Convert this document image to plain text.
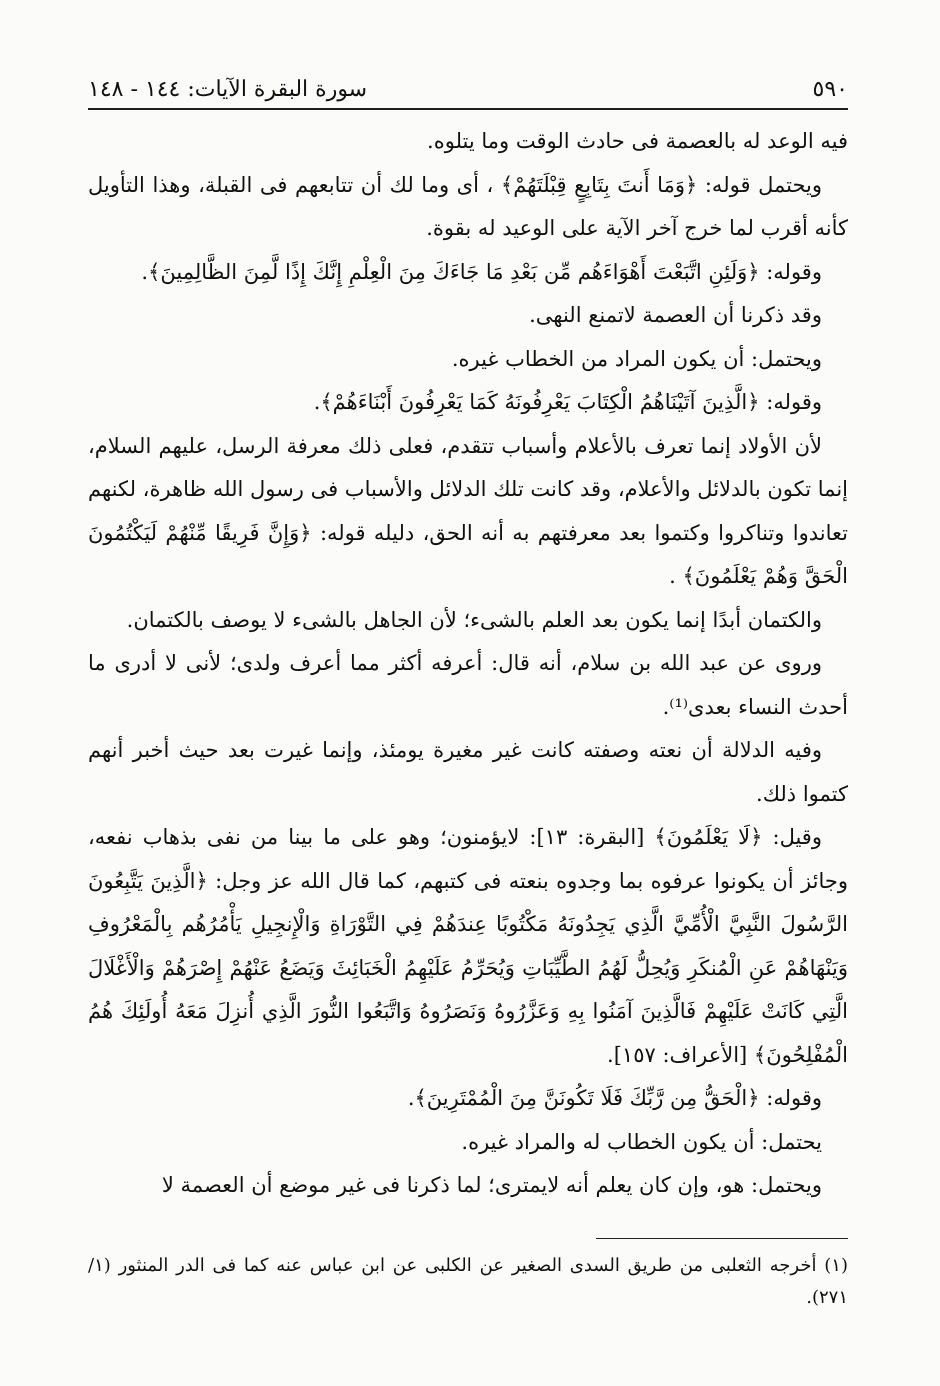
سورة البقرة الآيات: ١٤٤ - ١٤٨	٥٩٠

فيه الوعد له بالعصمة فى حادث الوقت وما يتلوه.

ويحتمل قوله: ﴿وَمَا أَنتَ بِتَابِعٍ قِبْلَتَهُمْ﴾ ، أى وما لك أن تتابعهم فى القبلة، وهذا التأويل كأنه أقرب لما خرج آخر الآية على الوعيد له بقوة.

وقوله: ﴿وَلَئِنِ اتَّبَعْتَ أَهْوَاءَهُم مِّن بَعْدِ مَا جَاءَكَ مِنَ الْعِلْمِ إِنَّكَ إِذًا لَّمِنَ الظَّالِمِينَ﴾.

وقد ذكرنا أن العصمة لاتمنع النهى.

ويحتمل: أن يكون المراد من الخطاب غيره.

وقوله: ﴿الَّذِينَ آتَيْنَاهُمُ الْكِتَابَ يَعْرِفُونَهُ كَمَا يَعْرِفُونَ أَبْنَاءَهُمْ﴾.

لأن الأولاد إنما تعرف بالأعلام وأسباب تتقدم، فعلى ذلك معرفة الرسل، عليهم السلام، إنما تكون بالدلائل والأعلام، وقد كانت تلك الدلائل والأسباب فى رسول الله ظاهرة، لكنهم تعاندوا وتناكروا وكتموا بعد معرفتهم به أنه الحق، دليله قوله: ﴿وَإِنَّ فَرِيقًا مِّنْهُمْ لَيَكْتُمُونَ الْحَقَّ وَهُمْ يَعْلَمُونَ﴾ .

والكتمان أبدًا إنما يكون بعد العلم بالشىء؛ لأن الجاهل بالشىء لا يوصف بالكتمان.

وروى عن عبد الله بن سلام، أنه قال: أعرفه أكثر مما أعرف ولدى؛ لأنى لا أدرى ما أحدث النساء بعدى⁽¹⁾.

وفيه الدلالة أن نعته وصفته كانت غير مغيرة يومئذ، وإنما غيرت بعد حيث أخبر أنهم كتموا ذلك.

وقيل: ﴿لَا يَعْلَمُونَ﴾ [البقرة: ١٣]: لايؤمنون؛ وهو على ما بينا من نفى بذهاب نفعه، وجائز أن يكونوا عرفوه بما وجدوه بنعته فى كتبهم، كما قال الله عز وجل: ﴿الَّذِينَ يَتَّبِعُونَ الرَّسُولَ النَّبِيَّ الْأُمِّيَّ الَّذِي يَجِدُونَهُ مَكْتُوبًا عِندَهُمْ فِي التَّوْرَاةِ وَالْإِنجِيلِ يَأْمُرُهُم بِالْمَعْرُوفِ وَيَنْهَاهُمْ عَنِ الْمُنكَرِ وَيُحِلُّ لَهُمُ الطَّيِّبَاتِ وَيُحَرِّمُ عَلَيْهِمُ الْخَبَائِثَ وَيَضَعُ عَنْهُمْ إِصْرَهُمْ وَالْأَغْلَالَ الَّتِي كَانَتْ عَلَيْهِمْ فَالَّذِينَ آمَنُوا بِهِ وَعَزَّرُوهُ وَنَصَرُوهُ وَاتَّبَعُوا النُّورَ الَّذِي أُنزِلَ مَعَهُ أُولَئِكَ هُمُ الْمُفْلِحُونَ﴾ [الأعراف: ١٥٧].

وقوله: ﴿الْحَقُّ مِن رَّبِّكَ فَلَا تَكُونَنَّ مِنَ الْمُمْتَرِينَ﴾.

يحتمل: أن يكون الخطاب له والمراد غيره.

ويحتمل: هو، وإن كان يعلم أنه لايمترى؛ لما ذكرنا فى غير موضع أن العصمة لا

(١) أخرجه الثعلبى من طريق السدى الصغير عن الكلبى عن ابن عباس عنه كما فى الدر المنثور (١/ ٢٧١).
